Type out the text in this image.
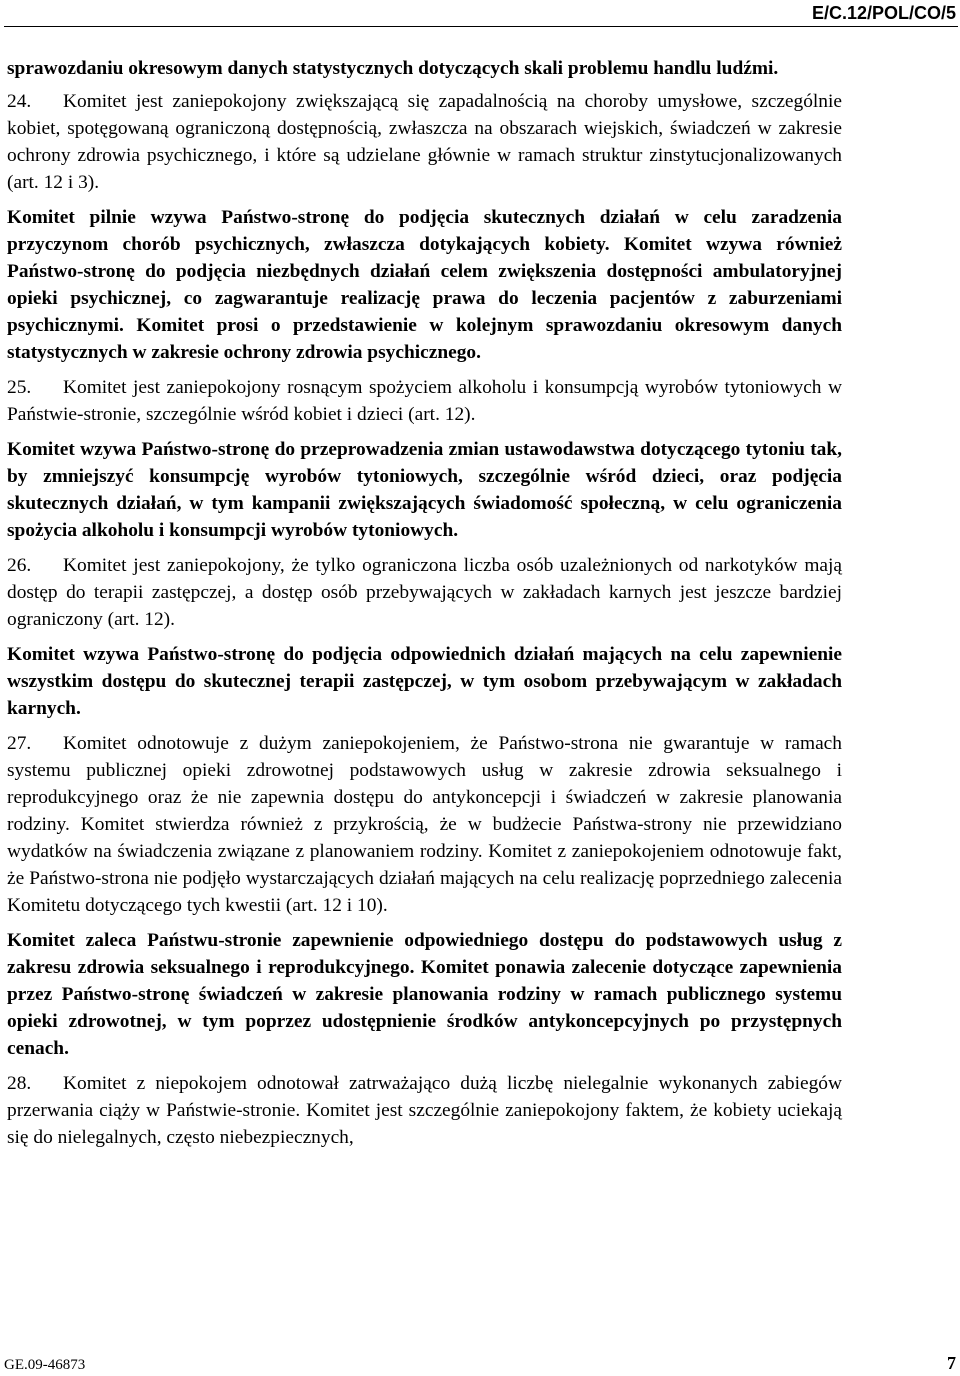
E/C.12/POL/CO/5

sprawozdaniu okresowym danych statystycznych dotyczących skali problemu handlu ludźmi.

24. Komitet jest zaniepokojony zwiększającą się zapadalnością na choroby umysłowe, szczególnie kobiet, spotęgowaną ograniczoną dostępnością, zwłaszcza na obszarach wiejskich, świadczeń w zakresie ochrony zdrowia psychicznego, i które są udzielane głównie w ramach struktur zinstytucjonalizowanych (art. 12 i 3).

Komitet pilnie wzywa Państwo-stronę do podjęcia skutecznych działań w celu zaradzenia przyczynom chorób psychicznych, zwłaszcza dotykających kobiety. Komitet wzywa również Państwo-stronę do podjęcia niezbędnych działań celem zwiększenia dostępności ambulatoryjnej opieki psychicznej, co zagwarantuje realizację prawa do leczenia pacjentów z zaburzeniami psychicznymi. Komitet prosi o przedstawienie w kolejnym sprawozdaniu okresowym danych statystycznych w zakresie ochrony zdrowia psychicznego.

25. Komitet jest zaniepokojony rosnącym spożyciem alkoholu i konsumpcją wyrobów tytoniowych w Państwie-stronie, szczególnie wśród kobiet i dzieci (art. 12).

Komitet wzywa Państwo-stronę do przeprowadzenia zmian ustawodawstwa dotyczącego tytoniu tak, by zmniejszyć konsumpcję wyrobów tytoniowych, szczególnie wśród dzieci, oraz podjęcia skutecznych działań, w tym kampanii zwiększających świadomość społeczną, w celu ograniczenia spożycia alkoholu i konsumpcji wyrobów tytoniowych.

26. Komitet jest zaniepokojony, że tylko ograniczona liczba osób uzależnionych od narkotyków mają dostęp do terapii zastępczej, a dostęp osób przebywających w zakładach karnych jest jeszcze bardziej ograniczony (art. 12).

Komitet wzywa Państwo-stronę do podjęcia odpowiednich działań mających na celu zapewnienie wszystkim dostępu do skutecznej terapii zastępczej, w tym osobom przebywającym w zakładach karnych.

27. Komitet odnotowuje z dużym zaniepokojeniem, że Państwo-strona nie gwarantuje w ramach systemu publicznej opieki zdrowotnej podstawowych usług w zakresie zdrowia seksualnego i reprodukcyjnego oraz że nie zapewnia dostępu do antykoncepcji i świadczeń w zakresie planowania rodziny. Komitet stwierdza również z przykrością, że w budżecie Państwa-strony nie przewidziano wydatków na świadczenia związane z planowaniem rodziny. Komitet z zaniepokojeniem odnotowuje fakt, że Państwo-strona nie podjęło wystarczających działań mających na celu realizację poprzedniego zalecenia Komitetu dotyczącego tych kwestii (art. 12 i 10).

Komitet zaleca Państwu-stronie zapewnienie odpowiedniego dostępu do podstawowych usług z zakresu zdrowia seksualnego i reprodukcyjnego. Komitet ponawia zalecenie dotyczące zapewnienia przez Państwo-stronę świadczeń w zakresie planowania rodziny w ramach publicznego systemu opieki zdrowotnej, w tym poprzez udostępnienie środków antykoncepcyjnych po przystępnych cenach.

28. Komitet z niepokojem odnotował zatrważająco dużą liczbę nielegalnie wykonanych zabiegów przerwania ciąży w Państwie-stronie. Komitet jest szczególnie zaniepokojony faktem, że kobiety uciekają się do nielegalnych, często niebezpiecznych,

GE.09-46873	7
